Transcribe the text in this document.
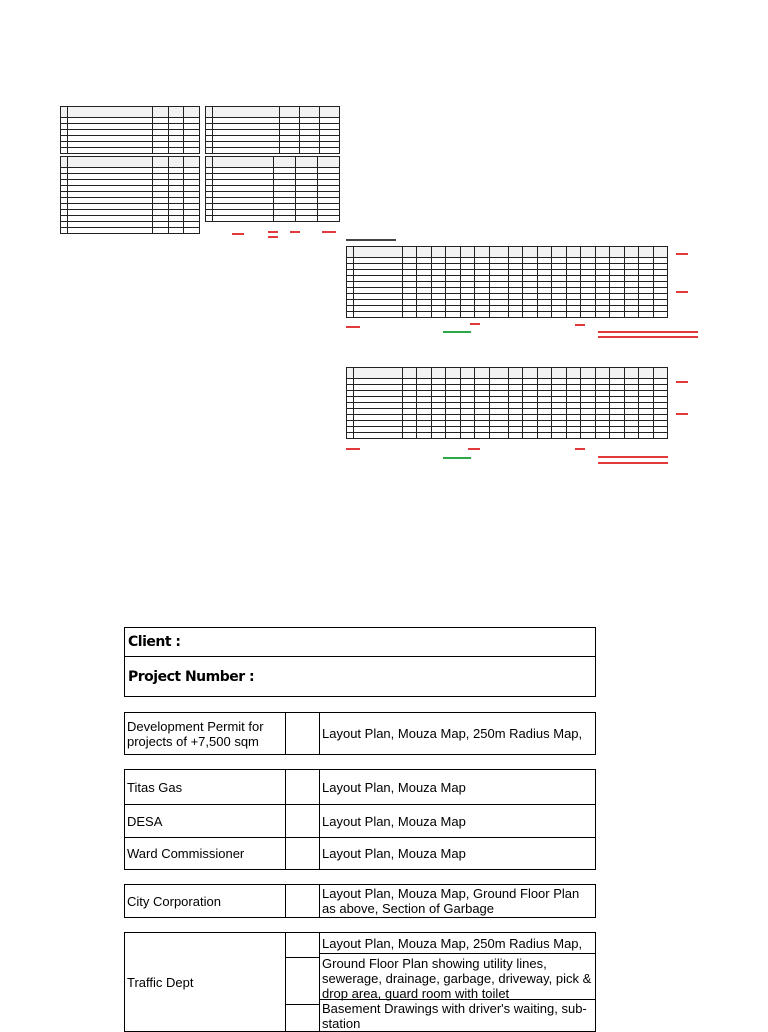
Client :
Project Number :
Development Permit for projects of +7,500 sqm	Layout Plan, Mouza Map, 250m Radius Map,
Titas Gas	Layout Plan, Mouza Map
DESA	Layout Plan, Mouza Map
Ward Commissioner	Layout Plan, Mouza Map
City Corporation	Layout Plan, Mouza Map, Ground Floor Plan as above, Section of Garbage
Traffic Dept
Layout Plan, Mouza Map, 250m Radius Map,
Ground Floor Plan showing utility lines, sewerage, drainage, garbage, driveway, pick & drop area, guard room with toilet
Basement Drawings with driver's waiting, sub-station
